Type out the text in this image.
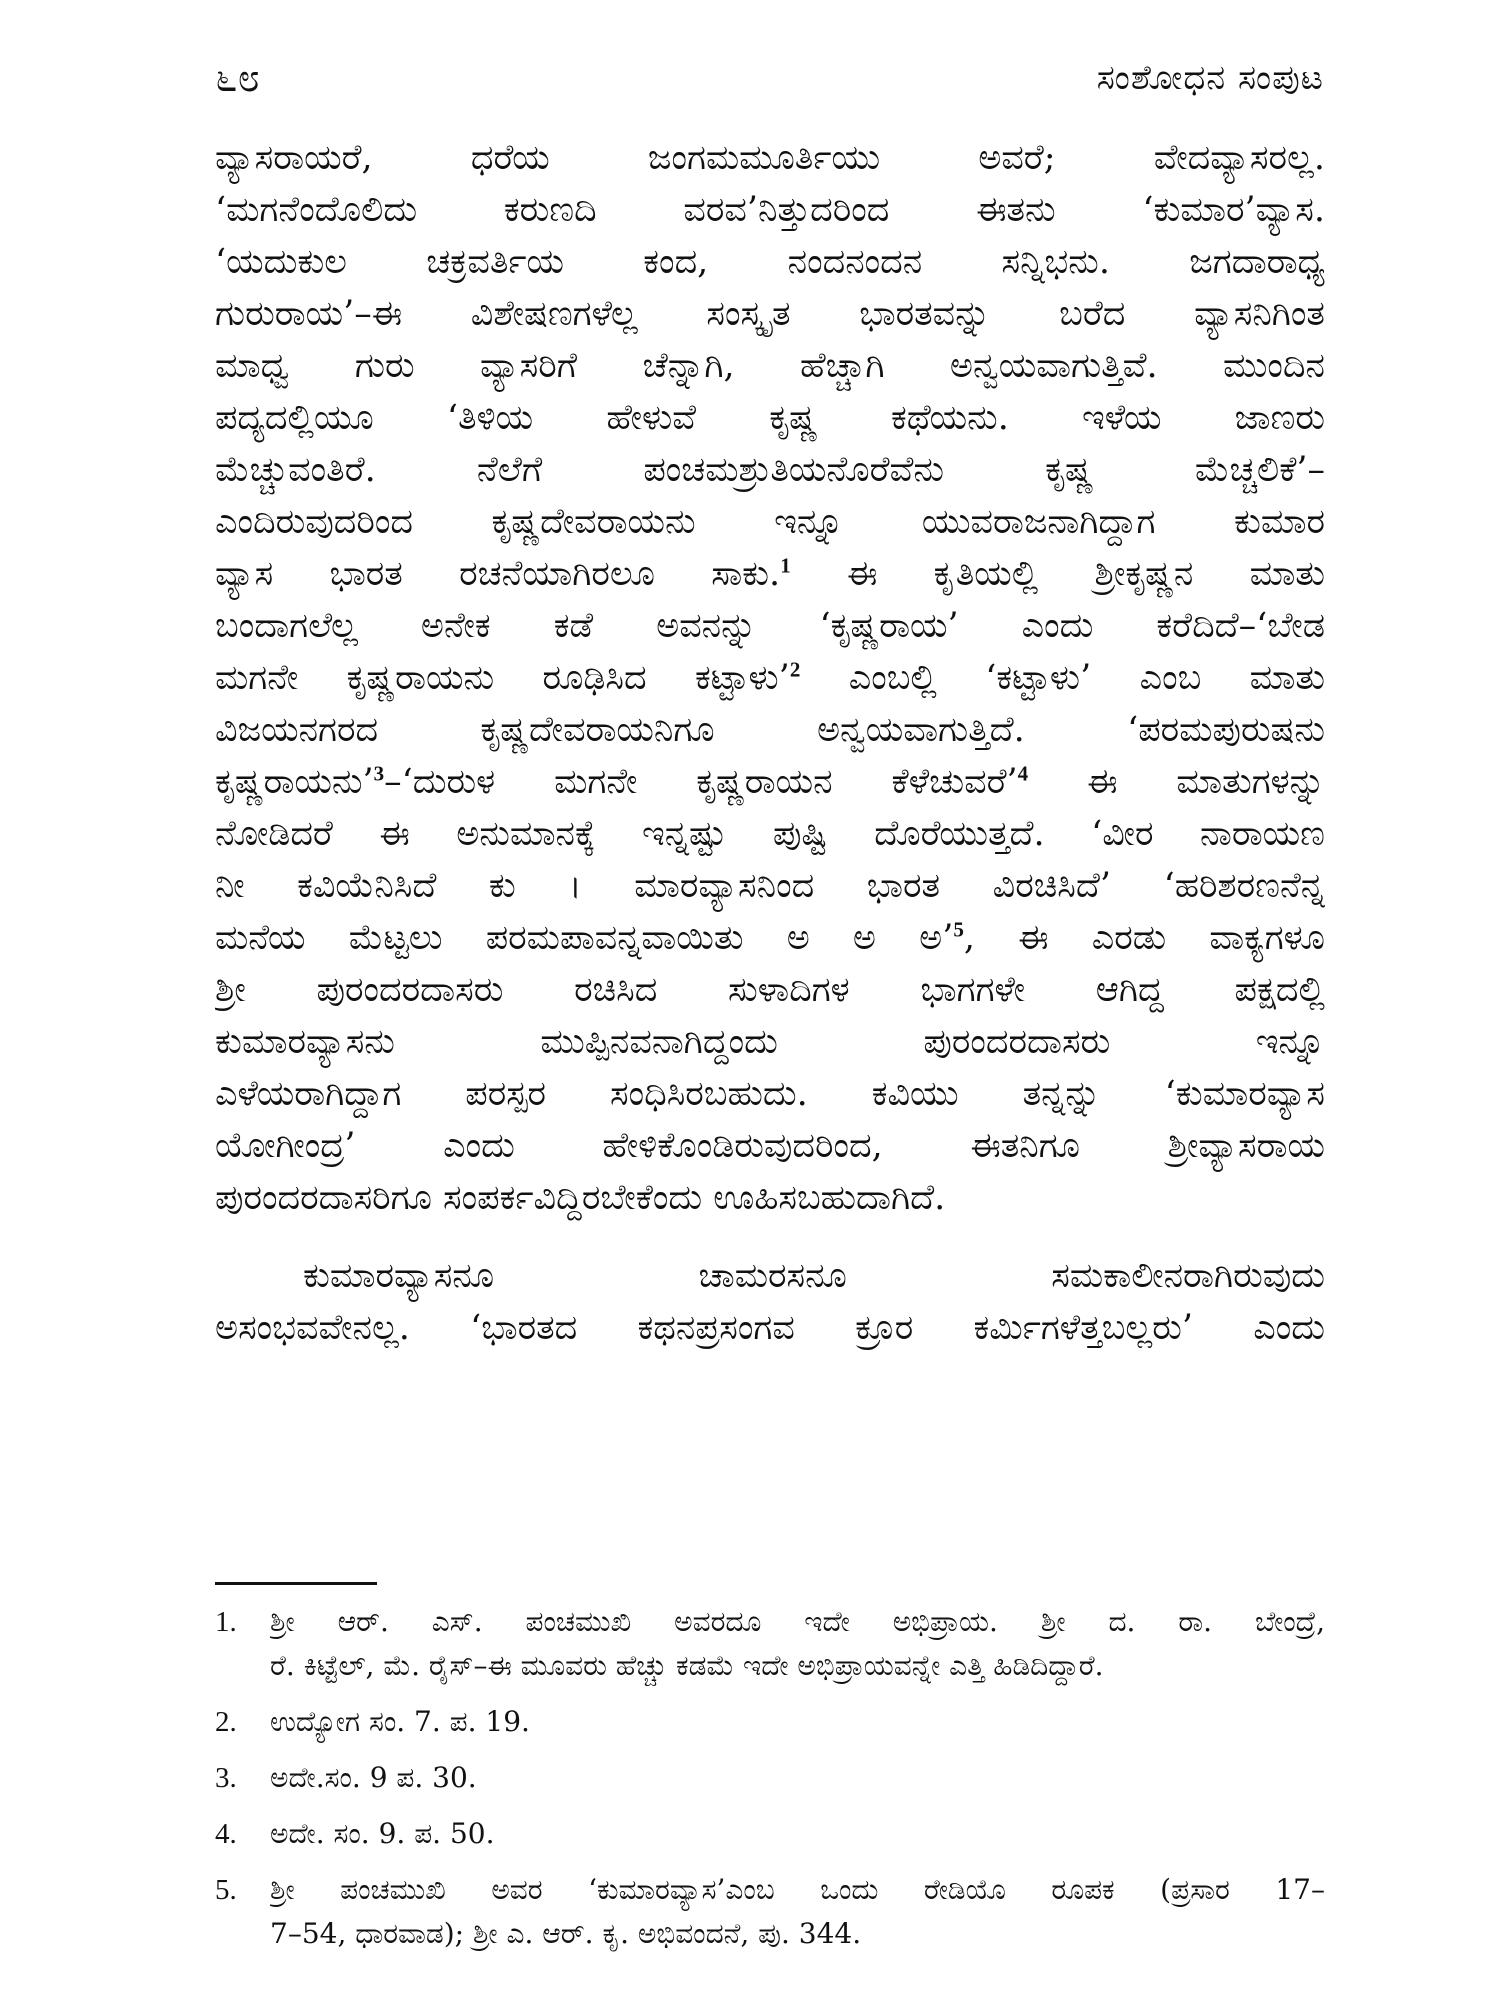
೬೮	ಸಂಶೋಧನ ಸಂಪುಟ
ವ್ಯಾಸರಾಯರೆ, ಧರೆಯ ಜಂಗಮಮೂರ್ತಿಯು ಅವರೆ; ವೇದವ್ಯಾಸರಲ್ಲ.
‘ಮಗನೆಂದೊಲಿದು ಕರುಣದಿ ವರವ’ನಿತ್ತುದರಿಂದ ಈತನು ‘ಕುಮಾರ’ವ್ಯಾಸ.
‘ಯದುಕುಲ ಚಕ್ರವರ್ತಿಯ ಕಂದ, ನಂದನಂದನ ಸನ್ನಿಭನು. ಜಗದಾರಾಧ್ಯ
ಗುರುರಾಯ’–ಈ ವಿಶೇಷಣಗಳೆಲ್ಲ ಸಂಸ್ಕೃತ ಭಾರತವನ್ನು ಬರೆದ ವ್ಯಾಸನಿಗಿಂತ
ಮಾಧ್ವ ಗುರು ವ್ಯಾಸರಿಗೆ ಚೆನ್ನಾಗಿ, ಹೆಚ್ಚಾಗಿ ಅನ್ವಯವಾಗುತ್ತಿವೆ. ಮುಂದಿನ
ಪದ್ಯದಲ್ಲಿಯೂ ‘ತಿಳಿಯ ಹೇಳುವೆ ಕೃಷ್ಣ ಕಥೆಯನು. ಇಳೆಯ ಜಾಣರು
ಮೆಚ್ಚುವಂತಿರೆ. ನೆಲೆಗೆ ಪಂಚಮಶ್ರುತಿಯನೊರೆವೆನು ಕೃಷ್ಣ ಮೆಚ್ಚಲಿಕೆ’–
ಎಂದಿರುವುದರಿಂದ ಕೃಷ್ಣದೇವರಾಯನು ಇನ್ನೂ ಯುವರಾಜನಾಗಿದ್ದಾಗ ಕುಮಾರ
ವ್ಯಾಸ ಭಾರತ ರಚನೆಯಾಗಿರಲೂ ಸಾಕು.$^1$ ಈ ಕೃತಿಯಲ್ಲಿ ಶ್ರೀಕೃಷ್ಣನ ಮಾತು
ಬಂದಾಗಲೆಲ್ಲ ಅನೇಕ ಕಡೆ ಅವನನ್ನು ‘ಕೃಷ್ಣರಾಯ’ ಎಂದು ಕರೆದಿದೆ–‘ಬೇಡ
ಮಗನೇ ಕೃಷ್ಣರಾಯನು ರೂಢಿಸಿದ ಕಟ್ಟಾಳು’$^2$ ಎಂಬಲ್ಲಿ ‘ಕಟ್ಟಾಳು’ ಎಂಬ ಮಾತು
ವಿಜಯನಗರದ ಕೃಷ್ಣದೇವರಾಯನಿಗೂ ಅನ್ವಯವಾಗುತ್ತಿದೆ. ‘ಪರಮಪುರುಷನು
ಕೃಷ್ಣರಾಯನು’$^3$–‘ದುರುಳ ಮಗನೇ ಕೃಷ್ಣರಾಯನ ಕೆಳೆಚುವರೆ’$^4$ ಈ ಮಾತುಗಳನ್ನು
ನೋಡಿದರೆ ಈ ಅನುಮಾನಕ್ಕೆ ಇನ್ನಷ್ಟು ಪುಷ್ಟಿ ದೊರೆಯುತ್ತದೆ. ‘ವೀರ ನಾರಾಯಣ
ನೀ ಕವಿಯೆನಿಸಿದೆ ಕು । ಮಾರವ್ಯಾಸನಿಂದ ಭಾರತ ವಿರಚಿಸಿದೆ’ ‘ಹರಿಶರಣನೆನ್ನ
ಮನೆಯ ಮೆಟ್ಟಲು ಪರಮಪಾವನ್ನವಾಯಿತು ಅ ಅ ಅ’$^5$, ಈ ಎರಡು ವಾಕ್ಯಗಳೂ
ಶ್ರೀ ಪುರಂದರದಾಸರು ರಚಿಸಿದ ಸುಳಾದಿಗಳ ಭಾಗಗಳೇ ಆಗಿದ್ದ ಪಕ್ಷದಲ್ಲಿ
ಕುಮಾರವ್ಯಾಸನು ಮುಪ್ಪಿನವನಾಗಿದ್ದಂದು ಪುರಂದರದಾಸರು ಇನ್ನೂ
ಎಳೆಯರಾಗಿದ್ದಾಗ ಪರಸ್ಪರ ಸಂಧಿಸಿರಬಹುದು. ಕವಿಯು ತನ್ನನ್ನು ‘ಕುಮಾರವ್ಯಾಸ
ಯೋಗೀಂದ್ರ’ ಎಂದು ಹೇಳಿಕೊಂಡಿರುವುದರಿಂದ, ಈತನಿಗೂ ಶ್ರೀವ್ಯಾಸರಾಯ
ಪುರಂದರದಾಸರಿಗೂ ಸಂಪರ್ಕವಿದ್ದಿರಬೇಕೆಂದು ಊಹಿಸಬಹುದಾಗಿದೆ.
ಕುಮಾರವ್ಯಾಸನೂ ಚಾಮರಸನೂ ಸಮಕಾಲೀನರಾಗಿರುವುದು
ಅಸಂಭವವೇನಲ್ಲ. ‘ಭಾರತದ ಕಥನಪ್ರಸಂಗವ ಕ್ರೂರ ಕರ್ಮಿಗಳೆತ್ತಬಲ್ಲರು’ ಎಂದು
1. ಶ್ರೀ ಆರ್. ಎಸ್. ಪಂಚಮುಖಿ ಅವರದೂ ಇದೇ ಅಭಿಪ್ರಾಯ. ಶ್ರೀ ದ. ರಾ. ಬೇಂದ್ರೆ,
ರೆ. ಕಿಟ್ಟೆಲ್, ಮೆ. ರೈಸ್–ಈ ಮೂವರು ಹೆಚ್ಚು ಕಡಮೆ ಇದೇ ಅಭಿಪ್ರಾಯವನ್ನೇ ಎತ್ತಿ ಹಿಡಿದಿದ್ದಾರೆ.
2. ಉದ್ಯೋಗ ಸಂ. 7. ಪ. 19.
3. ಅದೇ.ಸಂ. 9 ಪ. 30.
4. ಅದೇ. ಸಂ. 9. ಪ. 50.
5. ಶ್ರೀ ಪಂಚಮುಖಿ ಅವರ ‘ಕುಮಾರವ್ಯಾಸ’ಎಂಬ ಒಂದು ರೇಡಿಯೊ ರೂಪಕ (ಪ್ರಸಾರ 17–
7–54, ಧಾರವಾಡ); ಶ್ರೀ ಎ. ಆರ್. ಕೃ. ಅಭಿವಂದನೆ, ಪು. 344.
